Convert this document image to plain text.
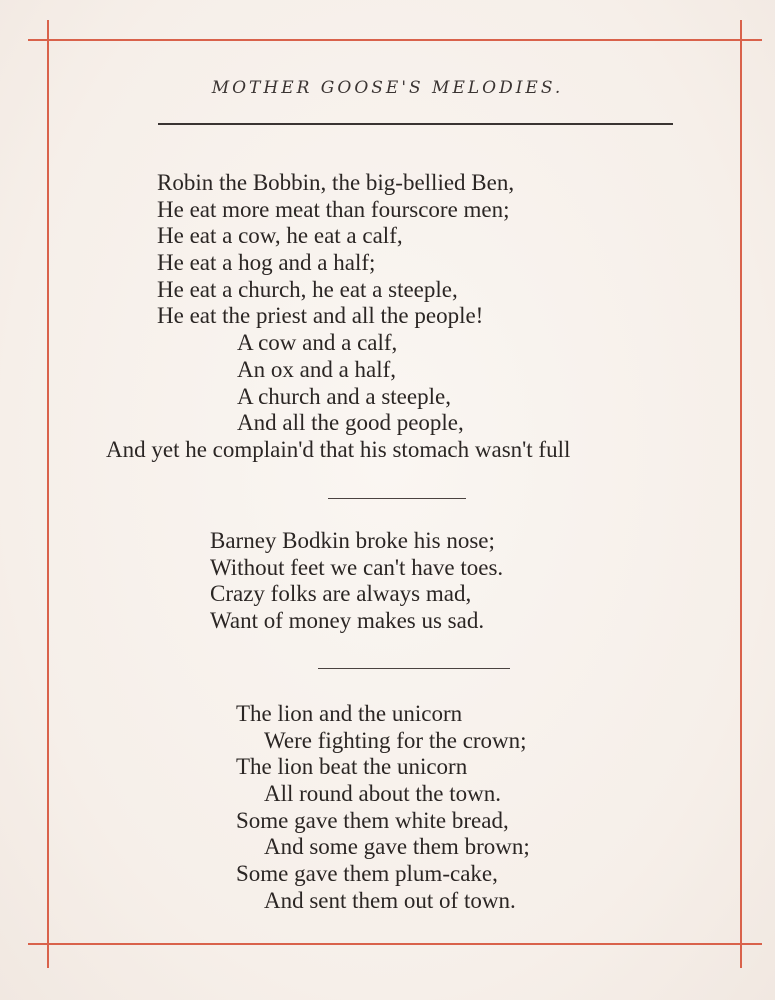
MOTHER GOOSE'S MELODIES.
Robin the Bobbin, the big-bellied Ben,
He eat more meat than fourscore men;
He eat a cow, he eat a calf,
He eat a hog and a half;
He eat a church, he eat a steeple,
He eat the priest and all the people!
A cow and a calf,
An ox and a half,
A church and a steeple,
And all the good people,
And yet he complain'd that his stomach wasn't full
Barney Bodkin broke his nose;
Without feet we can't have toes.
Crazy folks are always mad,
Want of money makes us sad.
The lion and the unicorn
Were fighting for the crown;
The lion beat the unicorn
All round about the town.
Some gave them white bread,
And some gave them brown;
Some gave them plum-cake,
And sent them out of town.
